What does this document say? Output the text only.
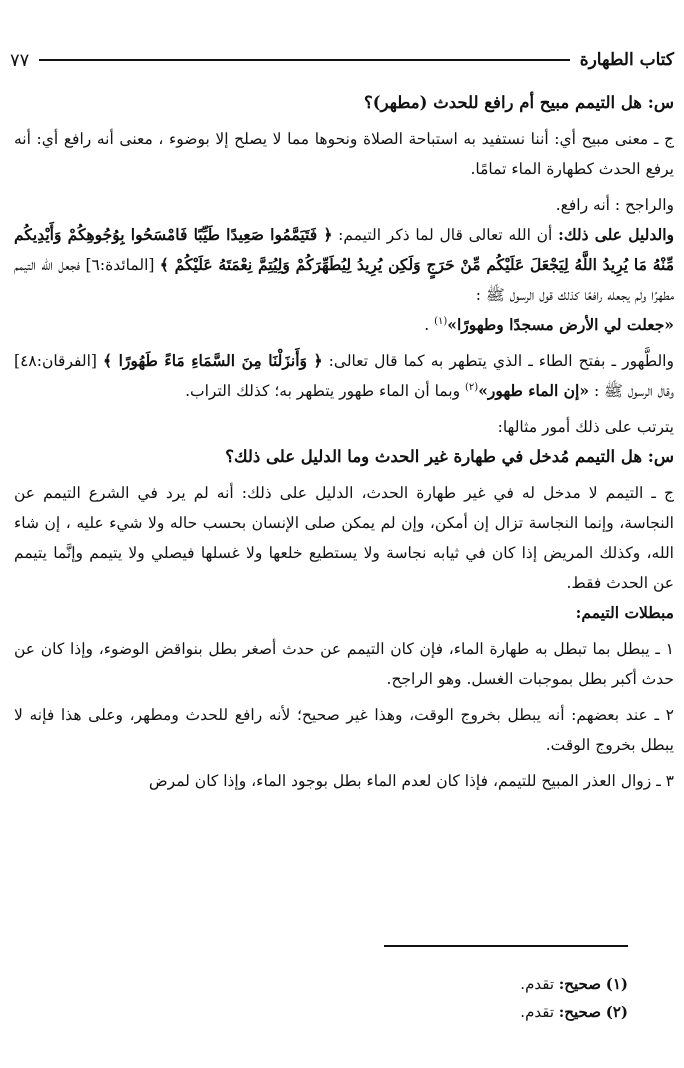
كتاب الطهارة
٧٧

س: هل التيمم مبيح أم رافع للحدث (مطهر)؟

ج ـ معنى مبيح أي: أننا نستفيد به استباحة الصلاة ونحوها مما لا يصلح إلا بوضوء ، معنى أنه رافع أي: أنه يرفع الحدث كطهارة الماء تمامًا.

والراجح : أنه رافع.

والدليل على ذلك: أن الله تعالى قال لما ذكر التيمم: ﴿ فَتَيَمَّمُوا صَعِيدًا طَيِّبًا فَامْسَحُوا بِوُجُوهِكُمْ وَأَيْدِيكُم مِّنْهُ مَا يُرِيدُ اللَّهُ لِيَجْعَلَ عَلَيْكُم مِّنْ حَرَجٍ وَلَكِن يُرِيدُ لِيُطَهِّرَكُمْ وَلِيُتِمَّ نِعْمَتَهُ عَلَيْكُمْ ﴾ [المائدة:٦] فجعل الله التيمم مطهرًا ولم يجعله رافعًا كذلك قول الرسول ﷺ :

«جعلت لي الأرض مسجدًا وطهورًا»$^{(١)}$ .

والطَّهور ـ بفتح الطاء ـ الذي يتطهر به كما قال تعالى: ﴿ وَأَنزَلْنَا مِنَ السَّمَاءِ مَاءً طَهُورًا ﴾ [الفرقان:٤٨] وقال الرسول ﷺ : «إن الماء طهور»$^{(٢)}$ وبما أن الماء طهور يتطهر به؛ كذلك التراب.

يترتب على ذلك أمور مثالها:

س: هل التيمم مُدخل في طهارة غير الحدث وما الدليل على ذلك؟

ج ـ التيمم لا مدخل له في غير طهارة الحدث، الدليل على ذلك: أنه لم يرد في الشرع التيمم عن النجاسة، وإنما النجاسة تزال إن أمكن، وإن لم يمكن صلى الإنسان بحسب حاله ولا شيء عليه ، إن شاء الله، وكذلك المريض إذا كان في ثيابه نجاسة ولا يستطيع خلعها ولا غسلها فيصلي ولا يتيمم وإنَّما يتيمم عن الحدث فقط.

مبطلات التيمم:

١ ـ يبطل بما تبطل به طهارة الماء، فإن كان التيمم عن حدث أصغر بطل بنواقض الوضوء، وإذا كان عن حدث أكبر بطل بموجبات الغسل. وهو الراجح.

٢ ـ عند بعضهم: أنه يبطل بخروج الوقت، وهذا غير صحيح؛ لأنه رافع للحدث ومطهر، وعلى هذا فإنه لا يبطل بخروج الوقت.

٣ ـ زوال العذر المبيح للتيمم، فإذا كان لعدم الماء بطل بوجود الماء، وإذا كان لمرض

(١) صحيح: تقدم.

(٢) صحيح: تقدم.
